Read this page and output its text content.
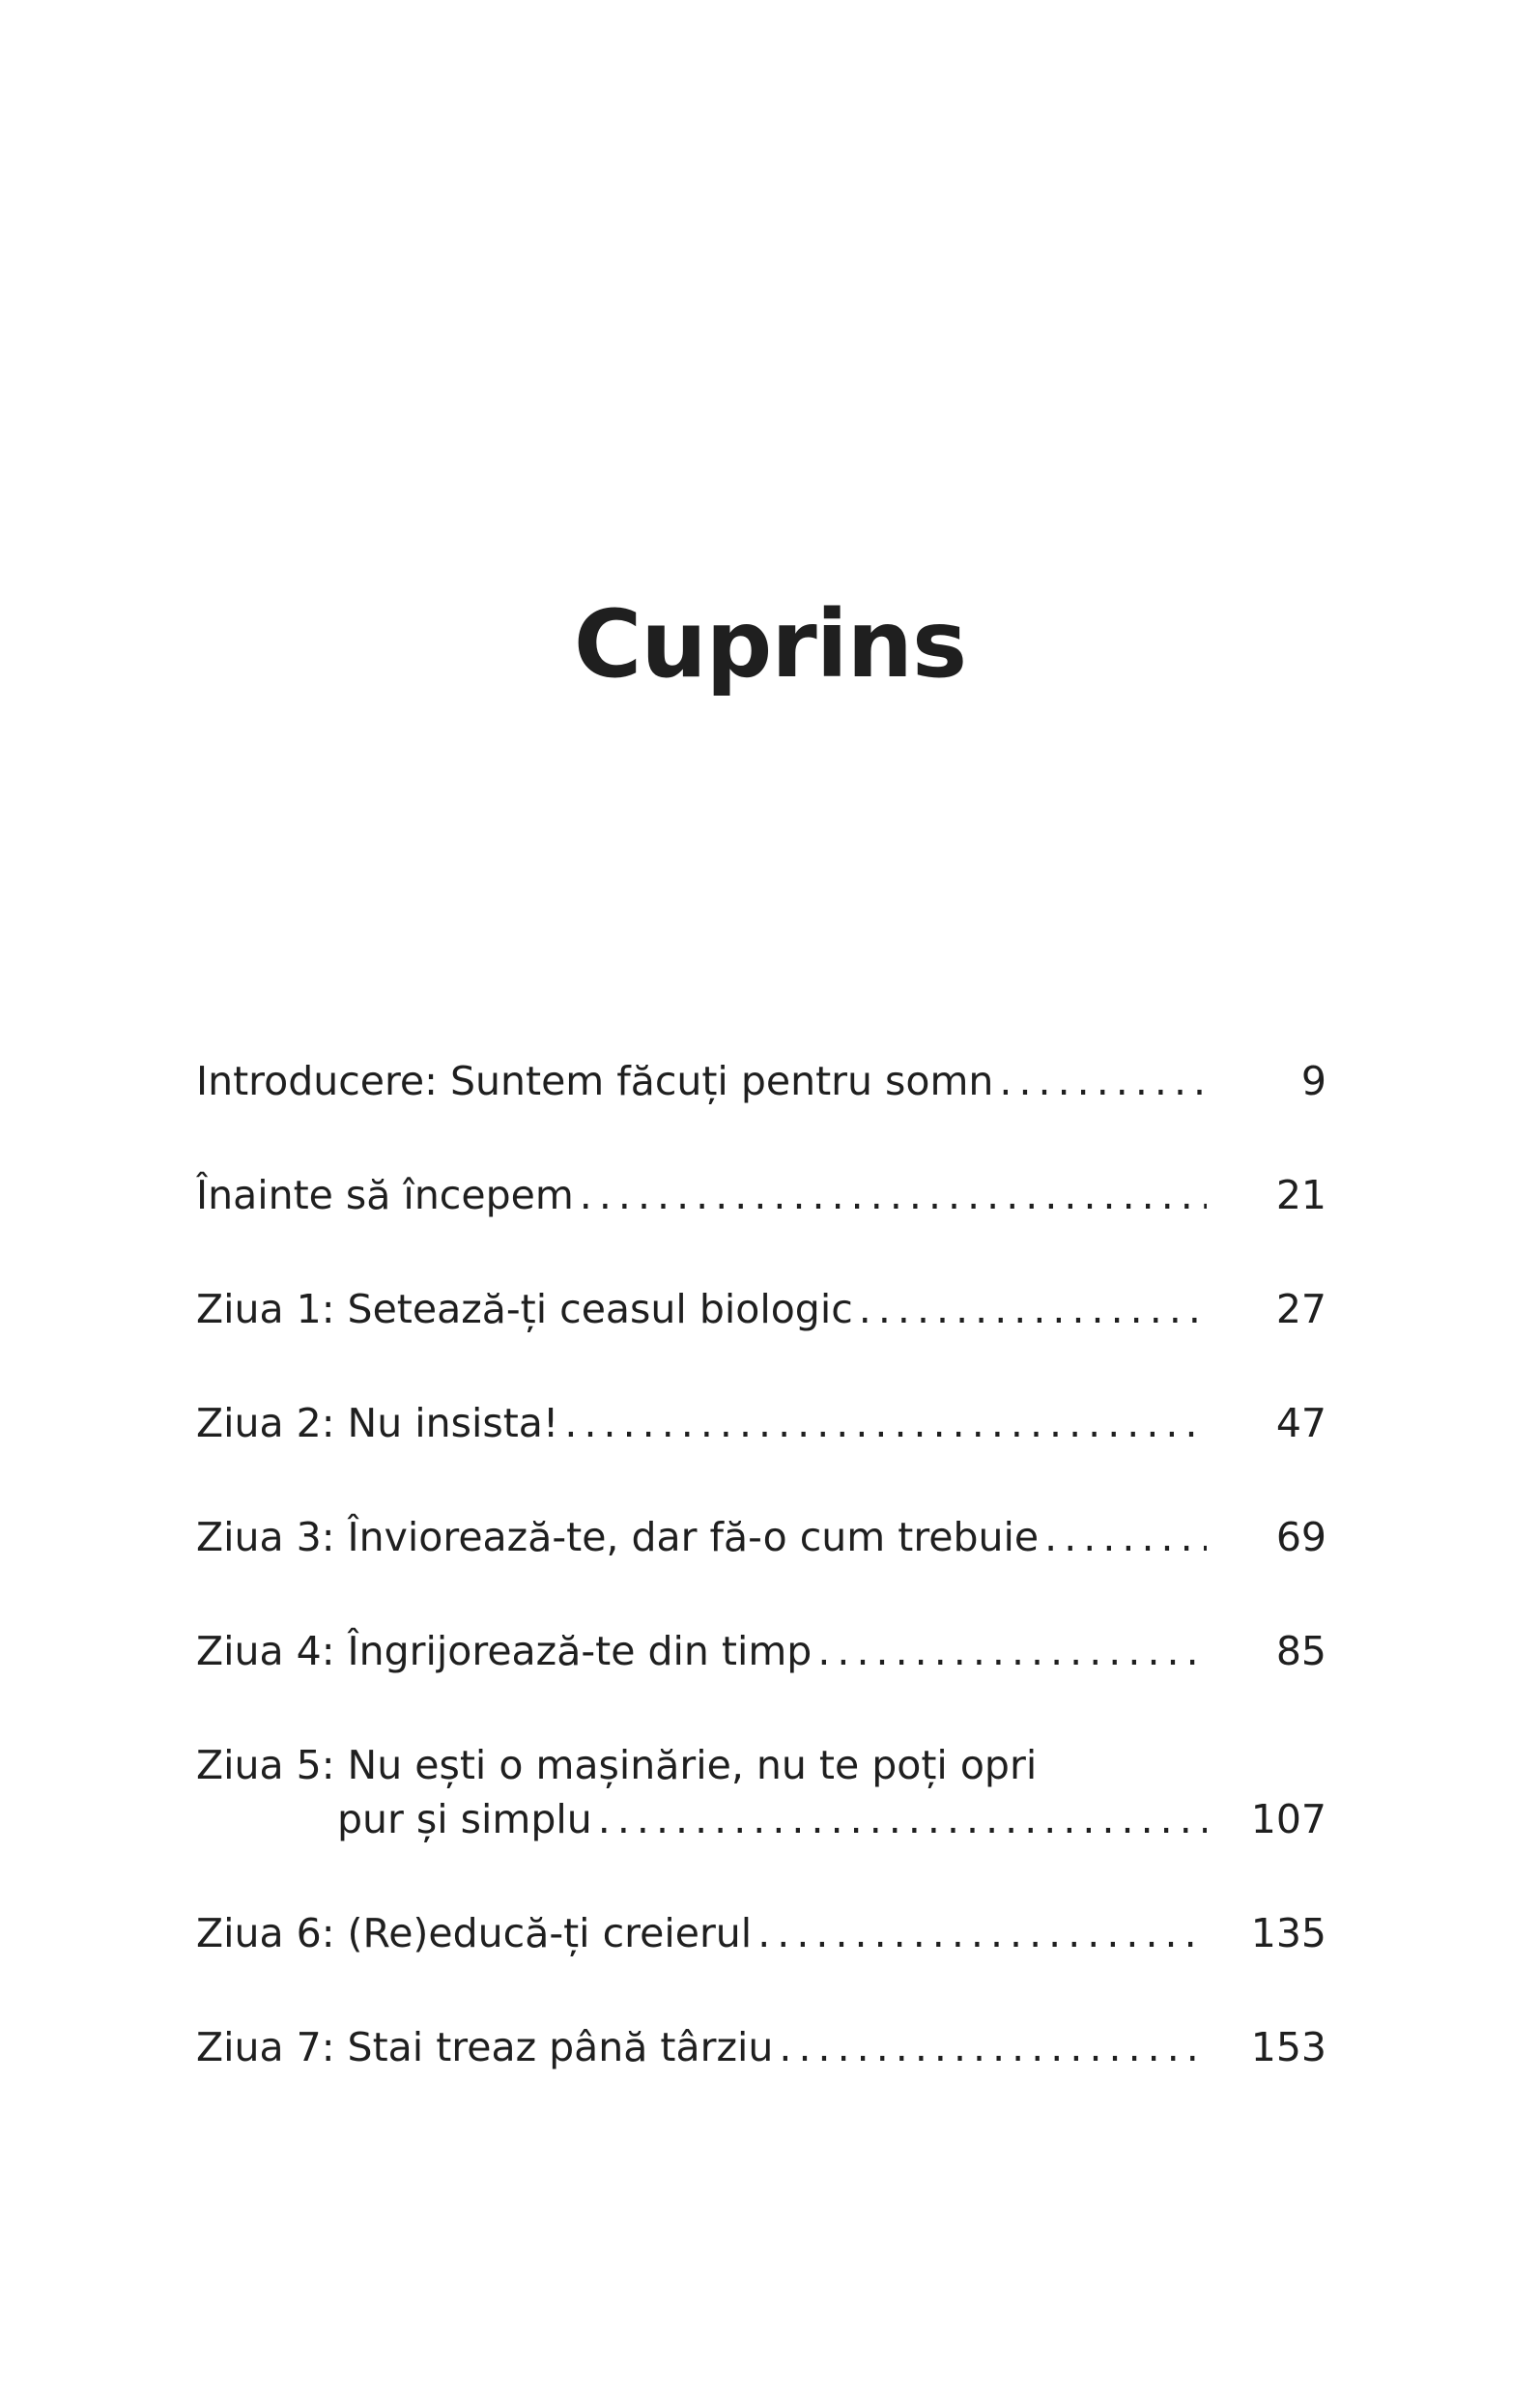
Cuprins
Introducere: Suntem făcuți pentru somn . . .	9
Înainte să începem . . .	21
Ziua 1: Setează-ți ceasul biologic . . .	27
Ziua 2: Nu insista! . . .	47
Ziua 3: Înviorează-te, dar fă-o cum trebuie . . .	69
Ziua 4: Îngrijorează-te din timp . . .	85
Ziua 5: Nu ești o mașinărie, nu te poți opri
pur și simplu . . .	107
Ziua 6: (Re)educă-ți creierul . . .	135
Ziua 7: Stai treaz până târziu . . .	153
